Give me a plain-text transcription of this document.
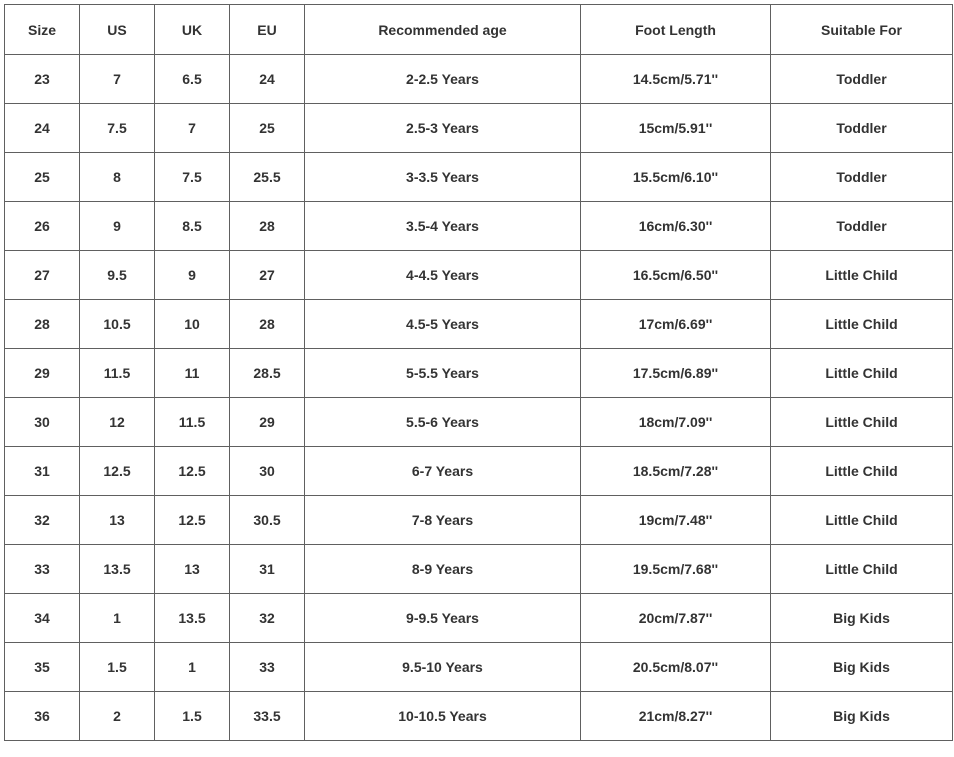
Size	US	UK	EU	Recommended age	Foot Length	Suitable For
23	7	6.5	24	2-2.5 Years	14.5cm/5.71''	Toddler
24	7.5	7	25	2.5-3 Years	15cm/5.91''	Toddler
25	8	7.5	25.5	3-3.5 Years	15.5cm/6.10''	Toddler
26	9	8.5	28	3.5-4 Years	16cm/6.30''	Toddler
27	9.5	9	27	4-4.5 Years	16.5cm/6.50''	Little Child
28	10.5	10	28	4.5-5 Years	17cm/6.69''	Little Child
29	11.5	11	28.5	5-5.5 Years	17.5cm/6.89''	Little Child
30	12	11.5	29	5.5-6 Years	18cm/7.09''	Little Child
31	12.5	12.5	30	6-7 Years	18.5cm/7.28''	Little Child
32	13	12.5	30.5	7-8 Years	19cm/7.48''	Little Child
33	13.5	13	31	8-9 Years	19.5cm/7.68''	Little Child
34	1	13.5	32	9-9.5 Years	20cm/7.87''	Big Kids
35	1.5	1	33	9.5-10 Years	20.5cm/8.07''	Big Kids
36	2	1.5	33.5	10-10.5 Years	21cm/8.27''	Big Kids
